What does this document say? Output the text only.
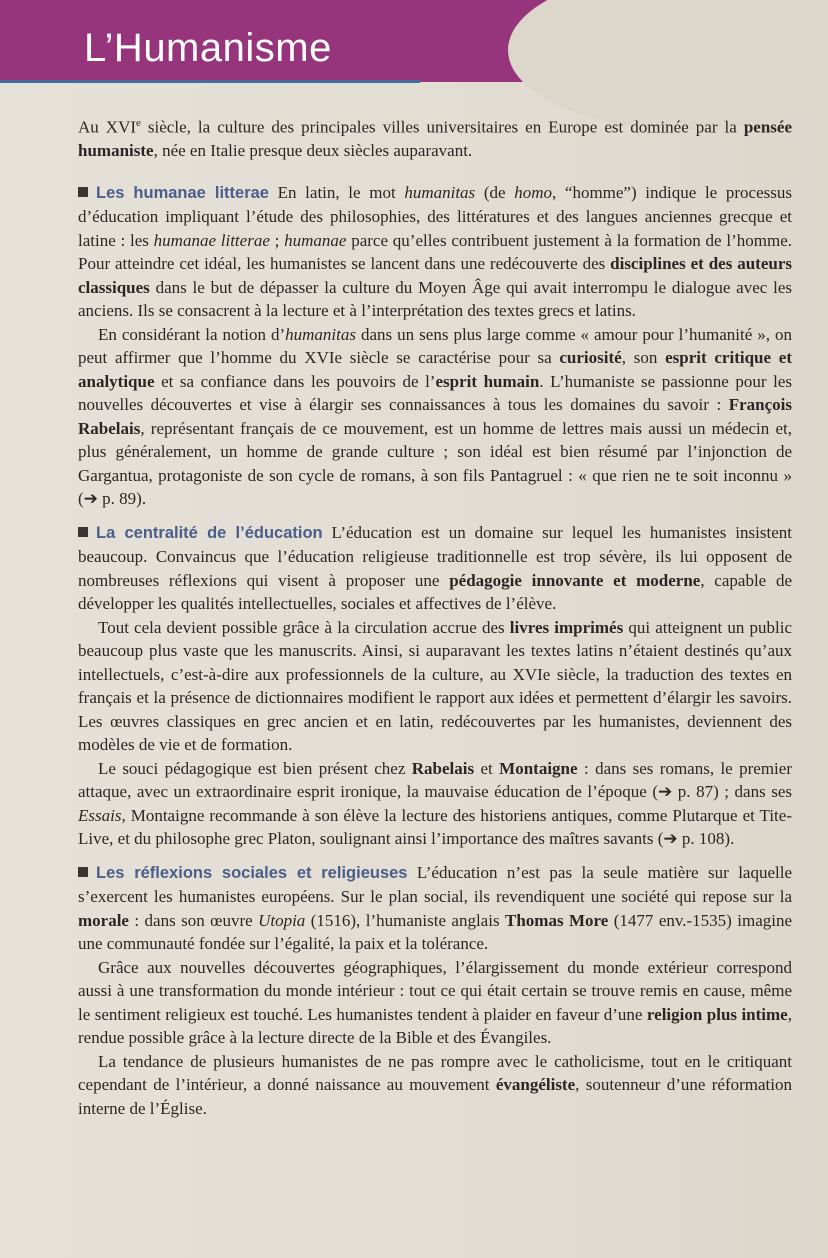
L’Humanisme

Au XVIe siècle, la culture des principales villes universitaires en Europe est dominée par la pensée humaniste, née en Italie presque deux siècles auparavant.

Les humanae litterae En latin, le mot humanitas (de homo, “homme”) indique le processus d’éducation impliquant l’étude des philosophies, des littératures et des langues anciennes grecque et latine : les humanae litterae ; humanae parce qu’elles contribuent justement à la formation de l’homme. Pour atteindre cet idéal, les humanistes se lancent dans une redécouverte des disciplines et des auteurs classiques dans le but de dépasser la culture du Moyen Âge qui avait interrompu le dialogue avec les anciens. Ils se consacrent à la lecture et à l’interprétation des textes grecs et latins.

En considérant la notion d’humanitas dans un sens plus large comme « amour pour l’humanité », on peut affirmer que l’homme du XVIe siècle se caractérise pour sa curiosité, son esprit critique et analytique et sa confiance dans les pouvoirs de l’esprit humain. L’humaniste se passionne pour les nouvelles découvertes et vise à élargir ses connaissances à tous les domaines du savoir : François Rabelais, représentant français de ce mouvement, est un homme de lettres mais aussi un médecin et, plus généralement, un homme de grande culture ; son idéal est bien résumé par l’injonction de Gargantua, protagoniste de son cycle de romans, à son fils Pantagruel : « que rien ne te soit inconnu » (➔ p. 89).

La centralité de l’éducation L’éducation est un domaine sur lequel les humanistes insistent beaucoup. Convaincus que l’éducation religieuse traditionnelle est trop sévère, ils lui opposent de nombreuses réflexions qui visent à proposer une pédagogie innovante et moderne, capable de développer les qualités intellectuelles, sociales et affectives de l’élève.

Tout cela devient possible grâce à la circulation accrue des livres imprimés qui atteignent un public beaucoup plus vaste que les manuscrits. Ainsi, si auparavant les textes latins n’étaient destinés qu’aux intellectuels, c’est-à-dire aux professionnels de la culture, au XVIe siècle, la traduction des textes en français et la présence de dictionnaires modifient le rapport aux idées et permettent d’élargir les savoirs. Les œuvres classiques en grec ancien et en latin, redécouvertes par les humanistes, deviennent des modèles de vie et de formation.

Le souci pédagogique est bien présent chez Rabelais et Montaigne : dans ses romans, le premier attaque, avec un extraordinaire esprit ironique, la mauvaise éducation de l’époque (➔ p. 87) ; dans ses Essais, Montaigne recommande à son élève la lecture des historiens antiques, comme Plutarque et Tite-Live, et du philosophe grec Platon, soulignant ainsi l’importance des maîtres savants (➔ p. 108).

Les réflexions sociales et religieuses L’éducation n’est pas la seule matière sur laquelle s’exercent les humanistes européens. Sur le plan social, ils revendiquent une société qui repose sur la morale : dans son œuvre Utopia (1516), l’humaniste anglais Thomas More (1477 env.-1535) imagine une communauté fondée sur l’égalité, la paix et la tolérance.

Grâce aux nouvelles découvertes géographiques, l’élargissement du monde extérieur correspond aussi à une transformation du monde intérieur : tout ce qui était certain se trouve remis en cause, même le sentiment religieux est touché. Les humanistes tendent à plaider en faveur d’une religion plus intime, rendue possible grâce à la lecture directe de la Bible et des Évangiles.

La tendance de plusieurs humanistes de ne pas rompre avec le catholicisme, tout en le critiquant cependant de l’intérieur, a donné naissance au mouvement évangéliste, soutenneur d’une réformation interne de l’Église.
